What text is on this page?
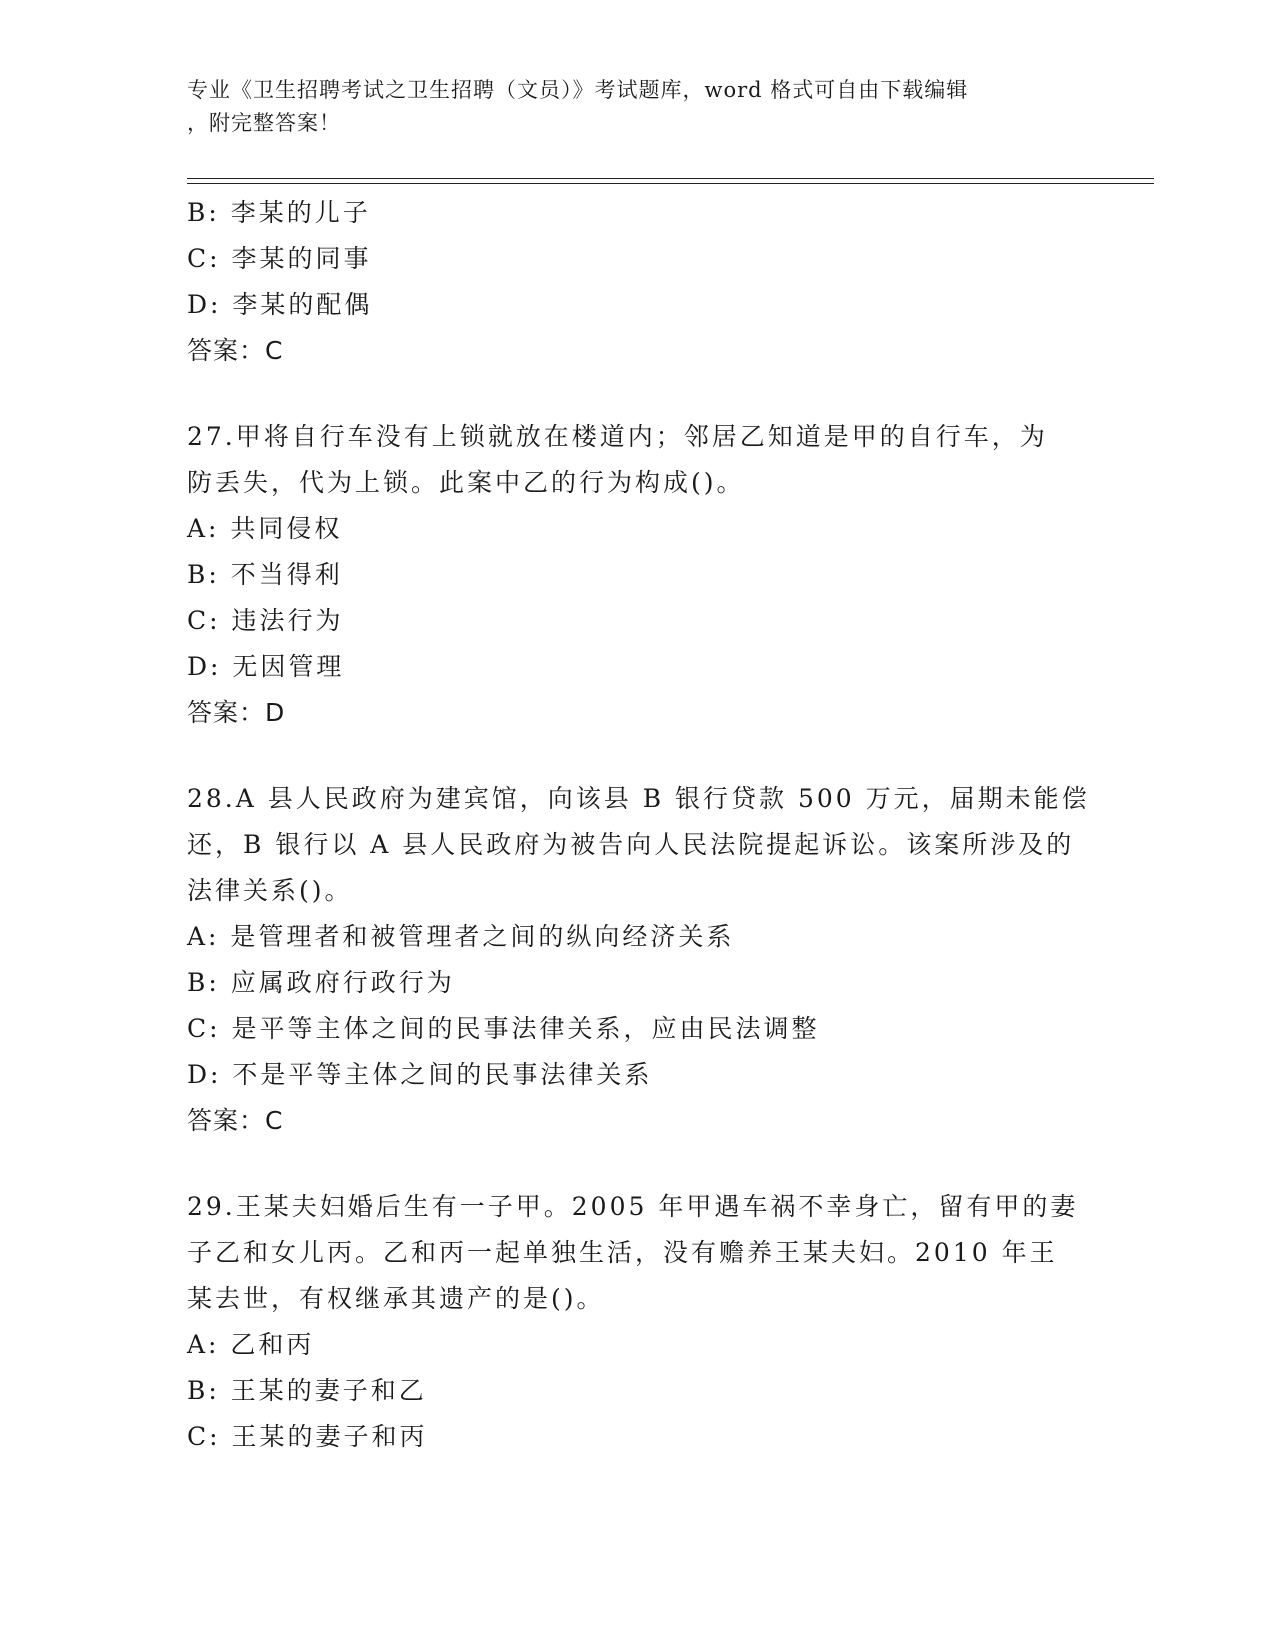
专业《卫生招聘考试之卫生招聘（文员）》考试题库，word 格式可自由下载编辑
，附完整答案！
B: 李某的儿子
C: 李某的同事
D: 李某的配偶
答案：C
27.甲将自行车没有上锁就放在楼道内；邻居乙知道是甲的自行车，为
防丢失，代为上锁。此案中乙的行为构成()。
A: 共同侵权
B: 不当得利
C: 违法行为
D: 无因管理
答案：D
28.A 县人民政府为建宾馆，向该县 B 银行贷款 500 万元，届期未能偿
还，B 银行以 A 县人民政府为被告向人民法院提起诉讼。该案所涉及的
法律关系()。
A: 是管理者和被管理者之间的纵向经济关系
B: 应属政府行政行为
C: 是平等主体之间的民事法律关系，应由民法调整
D: 不是平等主体之间的民事法律关系
答案：C
29.王某夫妇婚后生有一子甲。2005 年甲遇车祸不幸身亡，留有甲的妻
子乙和女儿丙。乙和丙一起单独生活，没有赡养王某夫妇。2010 年王
某去世，有权继承其遗产的是()。
A: 乙和丙
B: 王某的妻子和乙
C: 王某的妻子和丙
